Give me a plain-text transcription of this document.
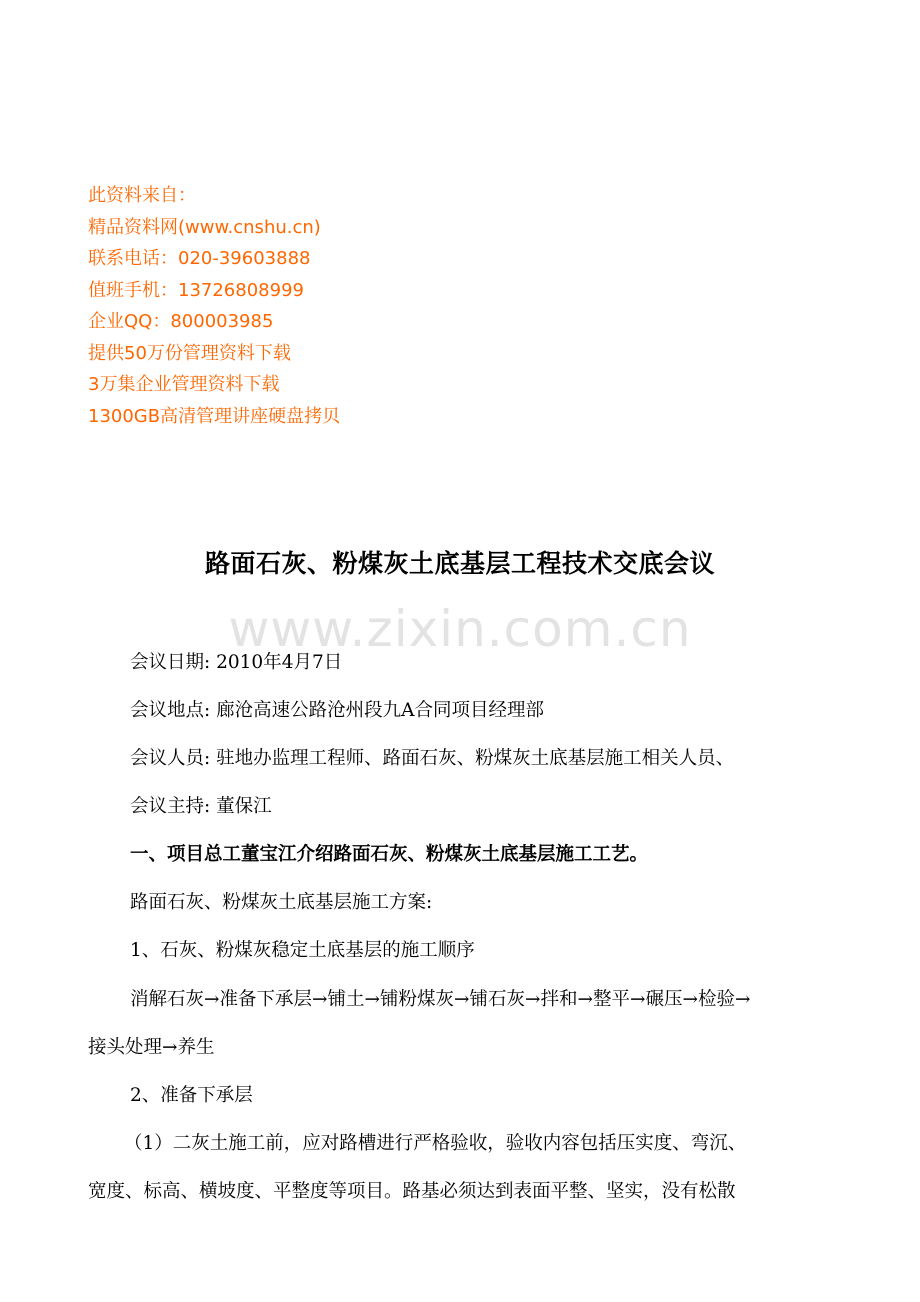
此资料来自：
精品资料网(www.cnshu.cn)
联系电话：020-39603888
值班手机：13726808999
企业QQ：800003985
提供50万份管理资料下载
3万集企业管理资料下载
1300GB高清管理讲座硬盘拷贝
路面石灰、粉煤灰土底基层工程技术交底会议
www.zixin.com.cn
会议日期: 2010年4月7日
会议地点: 廊沧高速公路沧州段九A合同项目经理部
会议人员: 驻地办监理工程师、路面石灰、粉煤灰土底基层施工相关人员、
会议主持: 董保江
一、项目总工董宝江介绍路面石灰、粉煤灰土底基层施工工艺。
路面石灰、粉煤灰土底基层施工方案:
1、石灰、粉煤灰稳定土底基层的施工顺序
消解石灰→准备下承层→铺土→铺粉煤灰→铺石灰→拌和→整平→碾压→检验→
接头处理→养生
2、准备下承层
（1）二灰土施工前，应对路槽进行严格验收，验收内容包括压实度、弯沉、
宽度、标高、横坡度、平整度等项目。路基必须达到表面平整、坚实，没有松散
